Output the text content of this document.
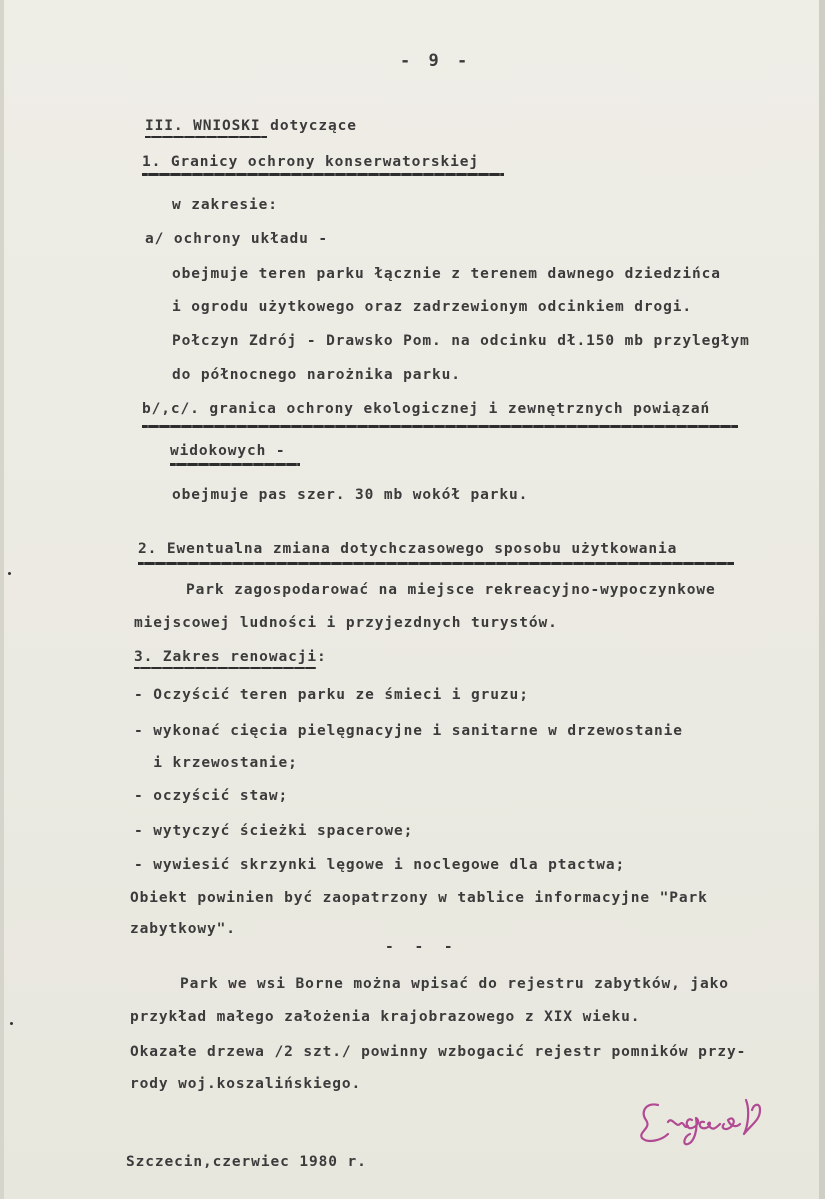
- 9 -
III. WNIOSKI dotyczące
1. Granicy ochrony konserwatorskiej
w zakresie:
a/ ochrony układu -
obejmuje teren parku łącznie z terenem dawnego dziedzińca
i ogrodu użytkowego oraz zadrzewionym odcinkiem drogi.
Połczyn Zdrój - Drawsko Pom. na odcinku dł.150 mb przyległym
do północnego narożnika parku.
b/,c/. granica ochrony ekologicznej i zewnętrznych powiązań
widokowych -
obejmuje pas szer. 30 mb wokół parku.
2. Ewentualna zmiana dotychczasowego sposobu użytkowania
Park zagospodarować na miejsce rekreacyjno-wypoczynkowe
miejscowej ludności i przyjezdnych turystów.
3. Zakres renowacji:
- Oczyścić teren parku ze śmieci i gruzu;
- wykonać cięcia pielęgnacyjne i sanitarne w drzewostanie
i krzewostanie;
- oczyścić staw;
- wytyczyć ścieżki spacerowe;
- wywiesić skrzynki lęgowe i noclegowe dla ptactwa;
Obiekt powinien być zaopatrzony w tablice informacyjne "Park
zabytkowy".
- - -
Park we wsi Borne można wpisać do rejestru zabytków, jako
przykład małego założenia krajobrazowego z XIX wieku.
Okazałe drzewa /2 szt./ powinny wzbogacić rejestr pomników przy-
rody woj.koszalińskiego.
Szczecin,czerwiec 1980 r.
